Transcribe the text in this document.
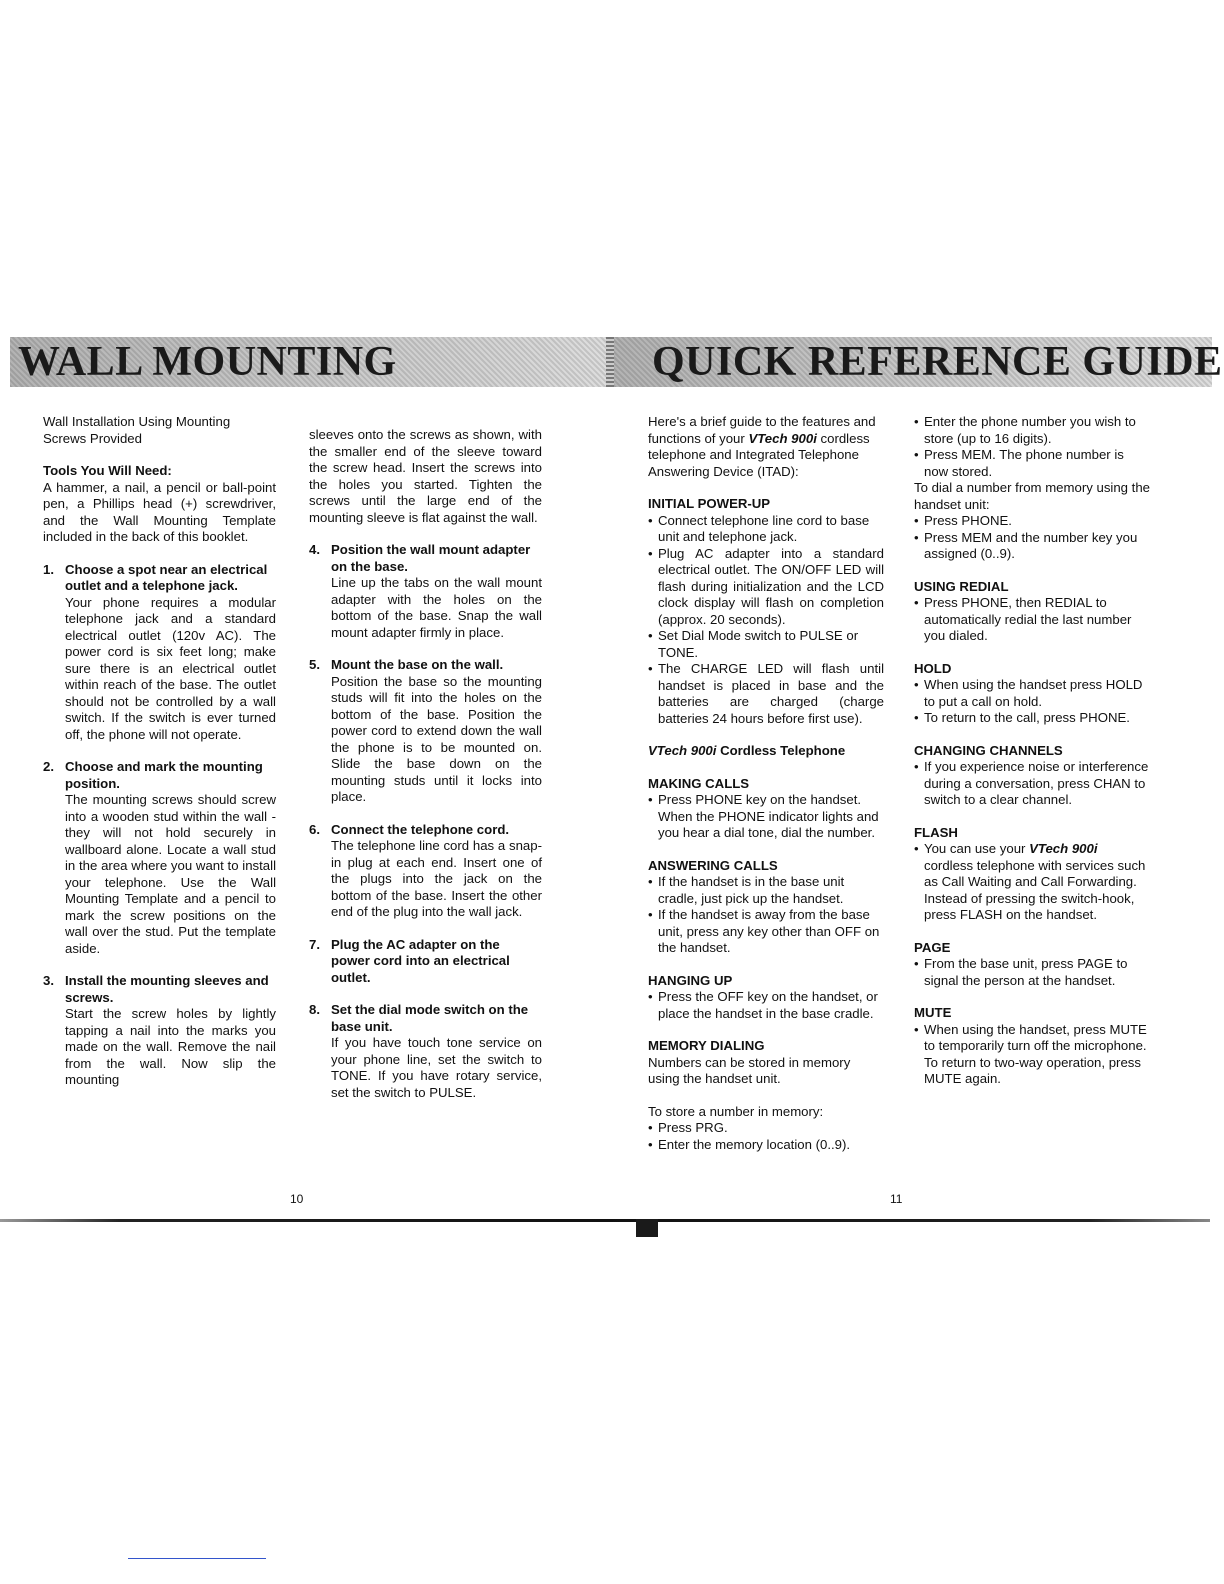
WALL MOUNTING	QUICK REFERENCE GUIDE

Wall Installation Using Mounting Screws Provided

Tools You Will Need:

A hammer, a nail, a pencil or ball-point pen, a Phillips head (+) screwdriver, and the Wall Mounting Template included in the back of this booklet.

1. Choose a spot near an electrical outlet and a telephone jack.
Your phone requires a modular telephone jack and a standard electrical outlet (120v AC). The power cord is six feet long; make sure there is an electrical outlet within reach of the base. The outlet should not be controlled by a wall switch. If the switch is ever turned off, the phone will not operate.
2. Choose and mark the mounting position.
The mounting screws should screw into a wooden stud within the wall - they will not hold securely in wallboard alone. Locate a wall stud in the area where you want to install your telephone. Use the Wall Mounting Template and a pencil to mark the screw positions on the wall over the stud. Put the template aside.
3. Install the mounting sleeves and screws.
Start the screw holes by lightly tapping a nail into the marks you made on the wall. Remove the nail from the wall. Now slip the mounting

sleeves onto the screws as shown, with the smaller end of the sleeve toward the screw head. Insert the screws into the holes you started. Tighten the screws until the large end of the mounting sleeve is flat against the wall.

4. Position the wall mount adapter on the base.
Line up the tabs on the wall mount adapter with the holes on the bottom of the base. Snap the wall mount adapter firmly in place.
5. Mount the base on the wall.
Position the base so the mounting studs will fit into the holes on the bottom of the base. Position the power cord to extend down the wall the phone is to be mounted on. Slide the base down on the mounting studs until it locks into place.
6. Connect the telephone cord.
The telephone line cord has a snap-in plug at each end. Insert one of the plugs into the jack on the bottom of the base. Insert the other end of the plug into the wall jack.
7. Plug the AC adapter on the power cord into an electrical outlet.
8. Set the dial mode switch on the base unit.
If you have touch tone service on your phone line, set the switch to TONE. If you have rotary service, set the switch to PULSE.

Here's a brief guide to the features and functions of your VTech 900i cordless telephone and Integrated Telephone Answering Device (ITAD):

INITIAL POWER-UP

• Connect telephone line cord to base unit and telephone jack.

• Plug AC adapter into a standard electrical outlet. The ON/OFF LED will flash during initialization and the LCD clock display will flash on completion (approx. 20 seconds).

• Set Dial Mode switch to PULSE or TONE.

• The CHARGE LED will flash until handset is placed in base and the batteries are charged (charge batteries 24 hours before first use).

VTech 900i Cordless Telephone

MAKING CALLS

• Press PHONE key on the handset. When the PHONE indicator lights and you hear a dial tone, dial the number.

ANSWERING CALLS

• If the handset is in the base unit cradle, just pick up the handset.

• If the handset is away from the base unit, press any key other than OFF on the handset.

HANGING UP

• Press the OFF key on the handset, or place the handset in the base cradle.

MEMORY DIALING

Numbers can be stored in memory using the handset unit.

To store a number in memory:

• Press PRG.

• Enter the memory location (0..9).

• Enter the phone number you wish to store (up to 16 digits).

• Press MEM. The phone number is now stored.

To dial a number from memory using the handset unit:

• Press PHONE.

• Press MEM and the number key you assigned (0..9).

USING REDIAL

• Press PHONE, then REDIAL to automatically redial the last number you dialed.

HOLD

• When using the handset press HOLD to put a call on hold.

• To return to the call, press PHONE.

CHANGING CHANNELS

• If you experience noise or interference during a conversation, press CHAN to switch to a clear channel.

FLASH

• You can use your VTech 900i cordless telephone with services such as Call Waiting and Call Forwarding. Instead of pressing the switch-hook, press FLASH on the handset.

PAGE

• From the base unit, press PAGE to signal the person at the handset.

MUTE

• When using the handset, press MUTE to temporarily turn off the microphone. To return to two-way operation, press MUTE again.

10	11
